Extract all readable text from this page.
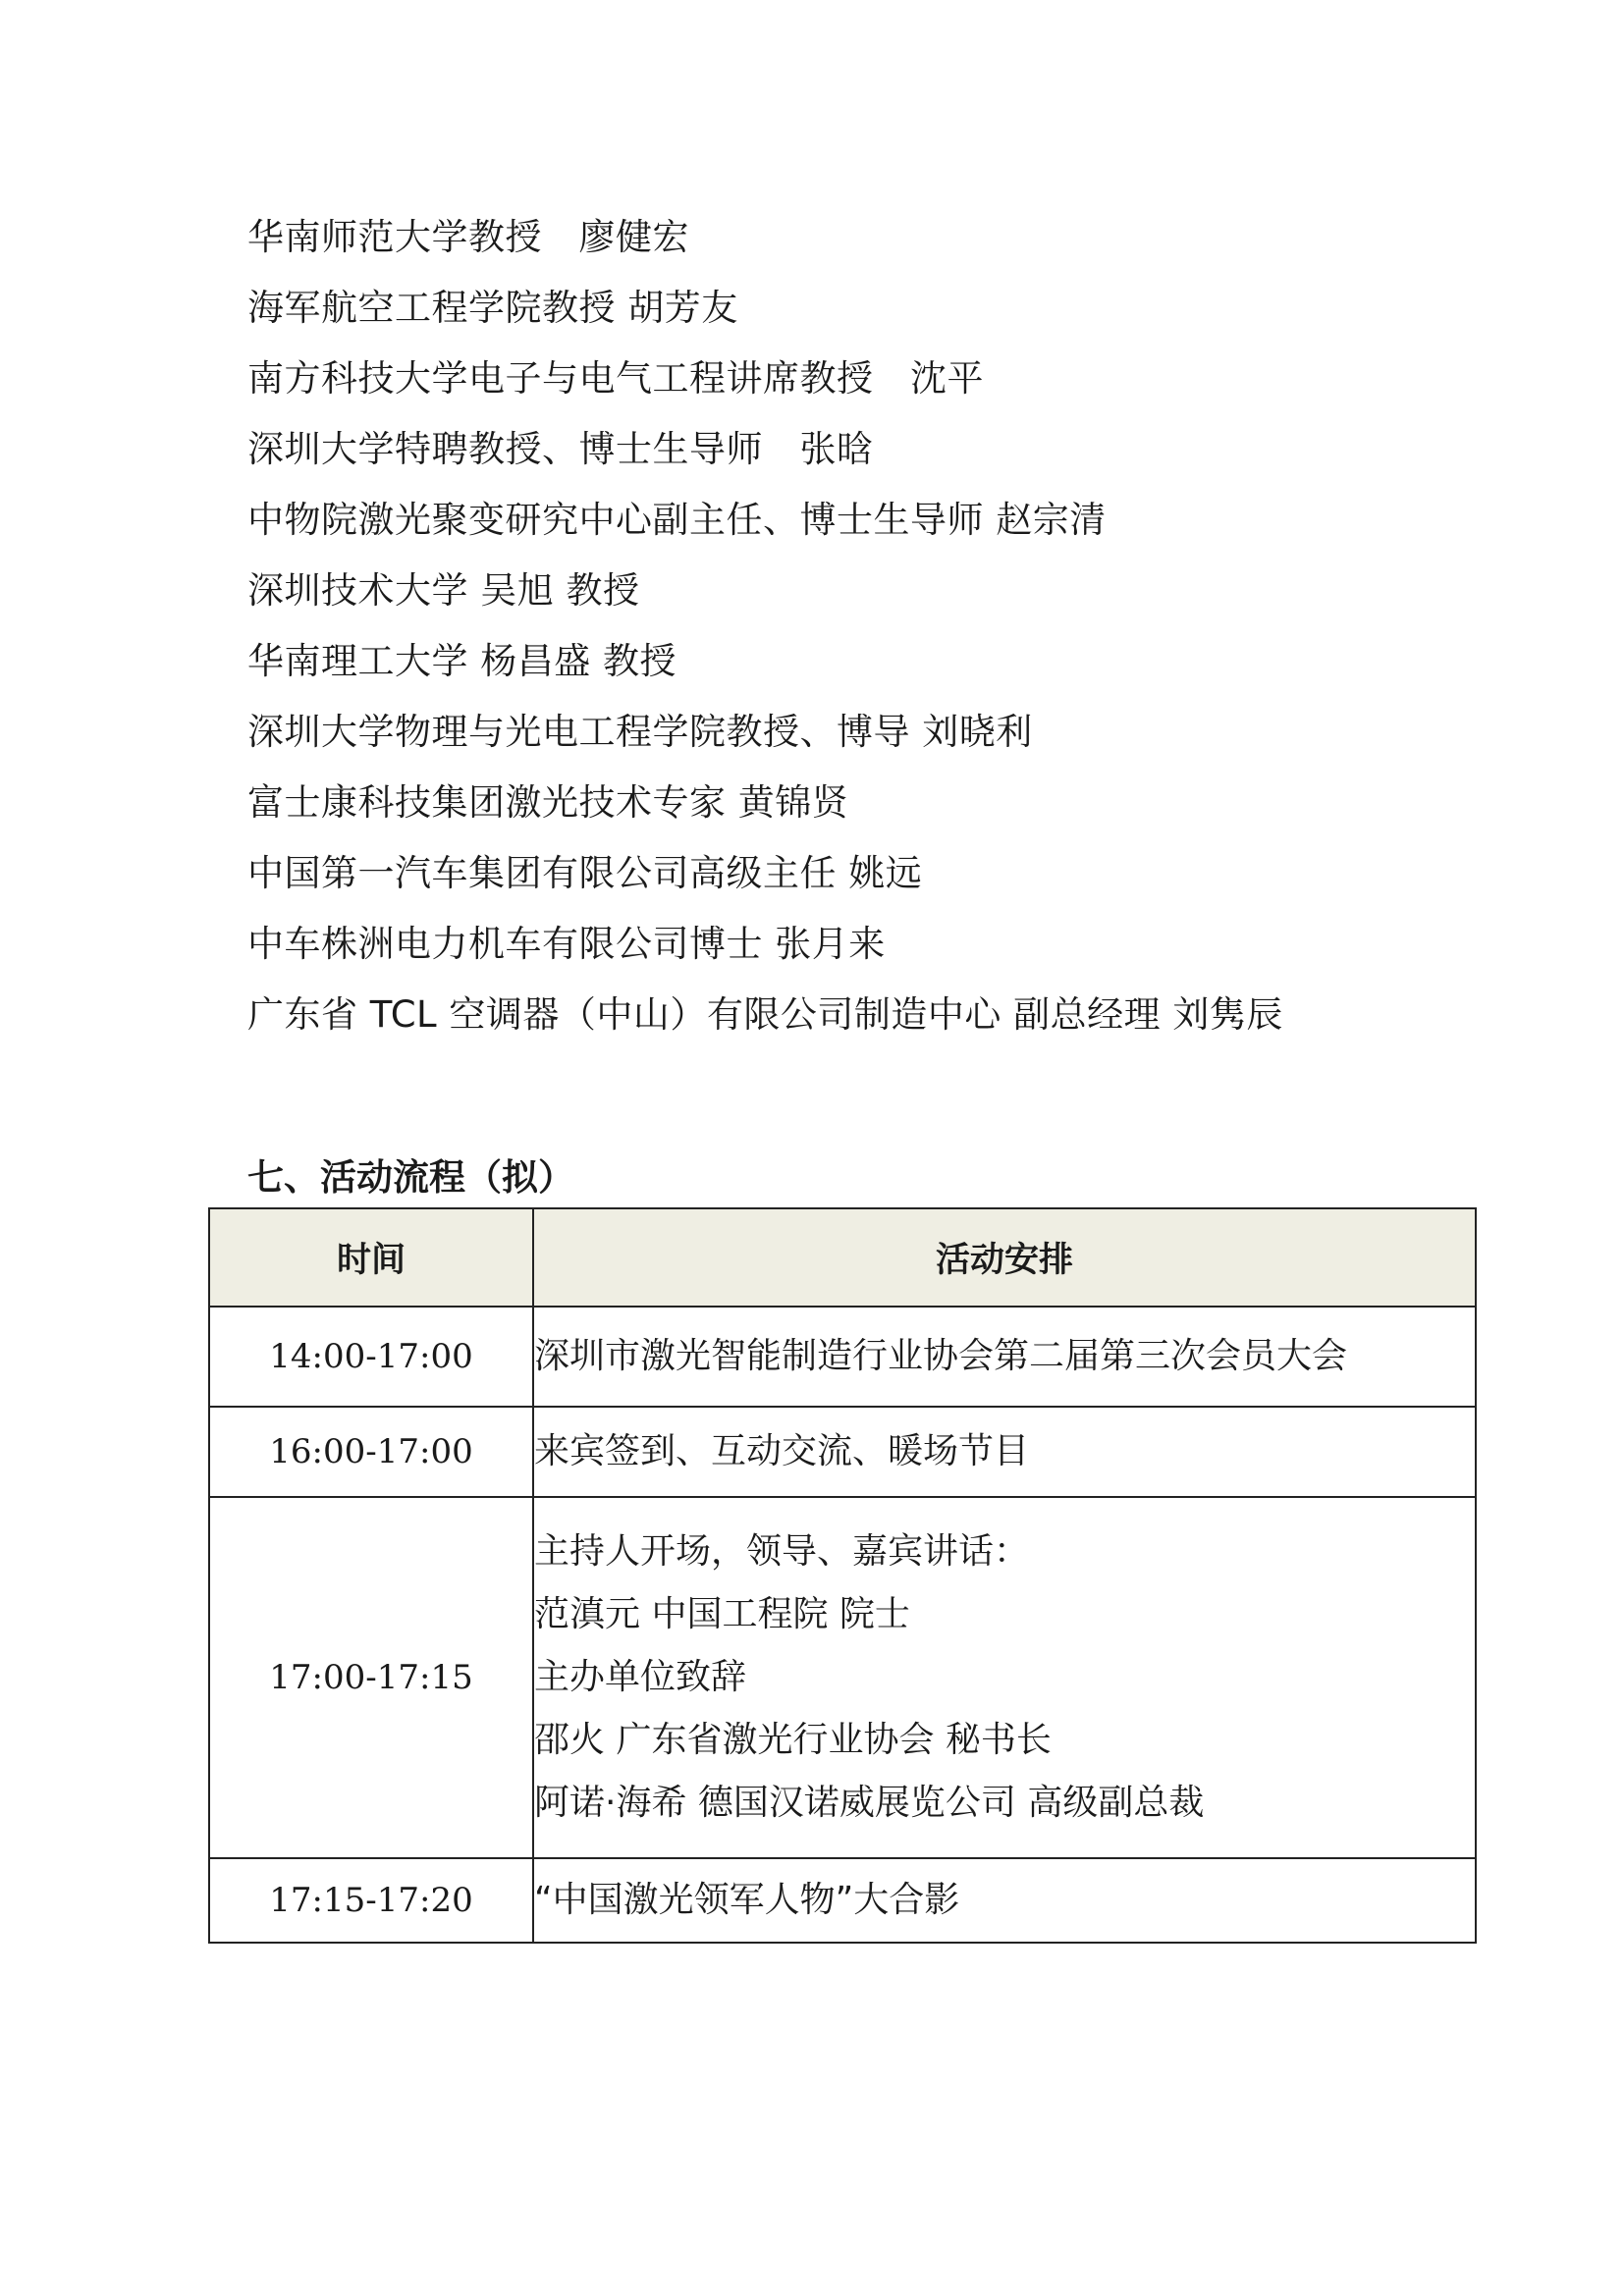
华南师范大学教授　廖健宏
海军航空工程学院教授 胡芳友
南方科技大学电子与电气工程讲席教授　沈平
深圳大学特聘教授、博士生导师　张晗
中物院激光聚变研究中心副主任、博士生导师 赵宗清
深圳技术大学 吴旭 教授
华南理工大学 杨昌盛 教授
深圳大学物理与光电工程学院教授、博导 刘晓利
富士康科技集团激光技术专家 黄锦贤
中国第一汽车集团有限公司高级主任 姚远
中车株洲电力机车有限公司博士 张月来
广东省 TCL 空调器（中山）有限公司制造中心 副总经理 刘隽辰
七、活动流程（拟）
时间	活动安排
14:00-17:00	深圳市激光智能制造行业协会第二届第三次会员大会

16:00-17:00	来宾签到、互动交流、暖场节目

17:00-17:15	主持人开场，领导、嘉宾讲话：
范滇元 中国工程院 院士
主办单位致辞
邵火 广东省激光行业协会 秘书长
阿诺·海希 德国汉诺威展览公司 高级副总裁

17:15-17:20	“中国激光领军人物”大合影
